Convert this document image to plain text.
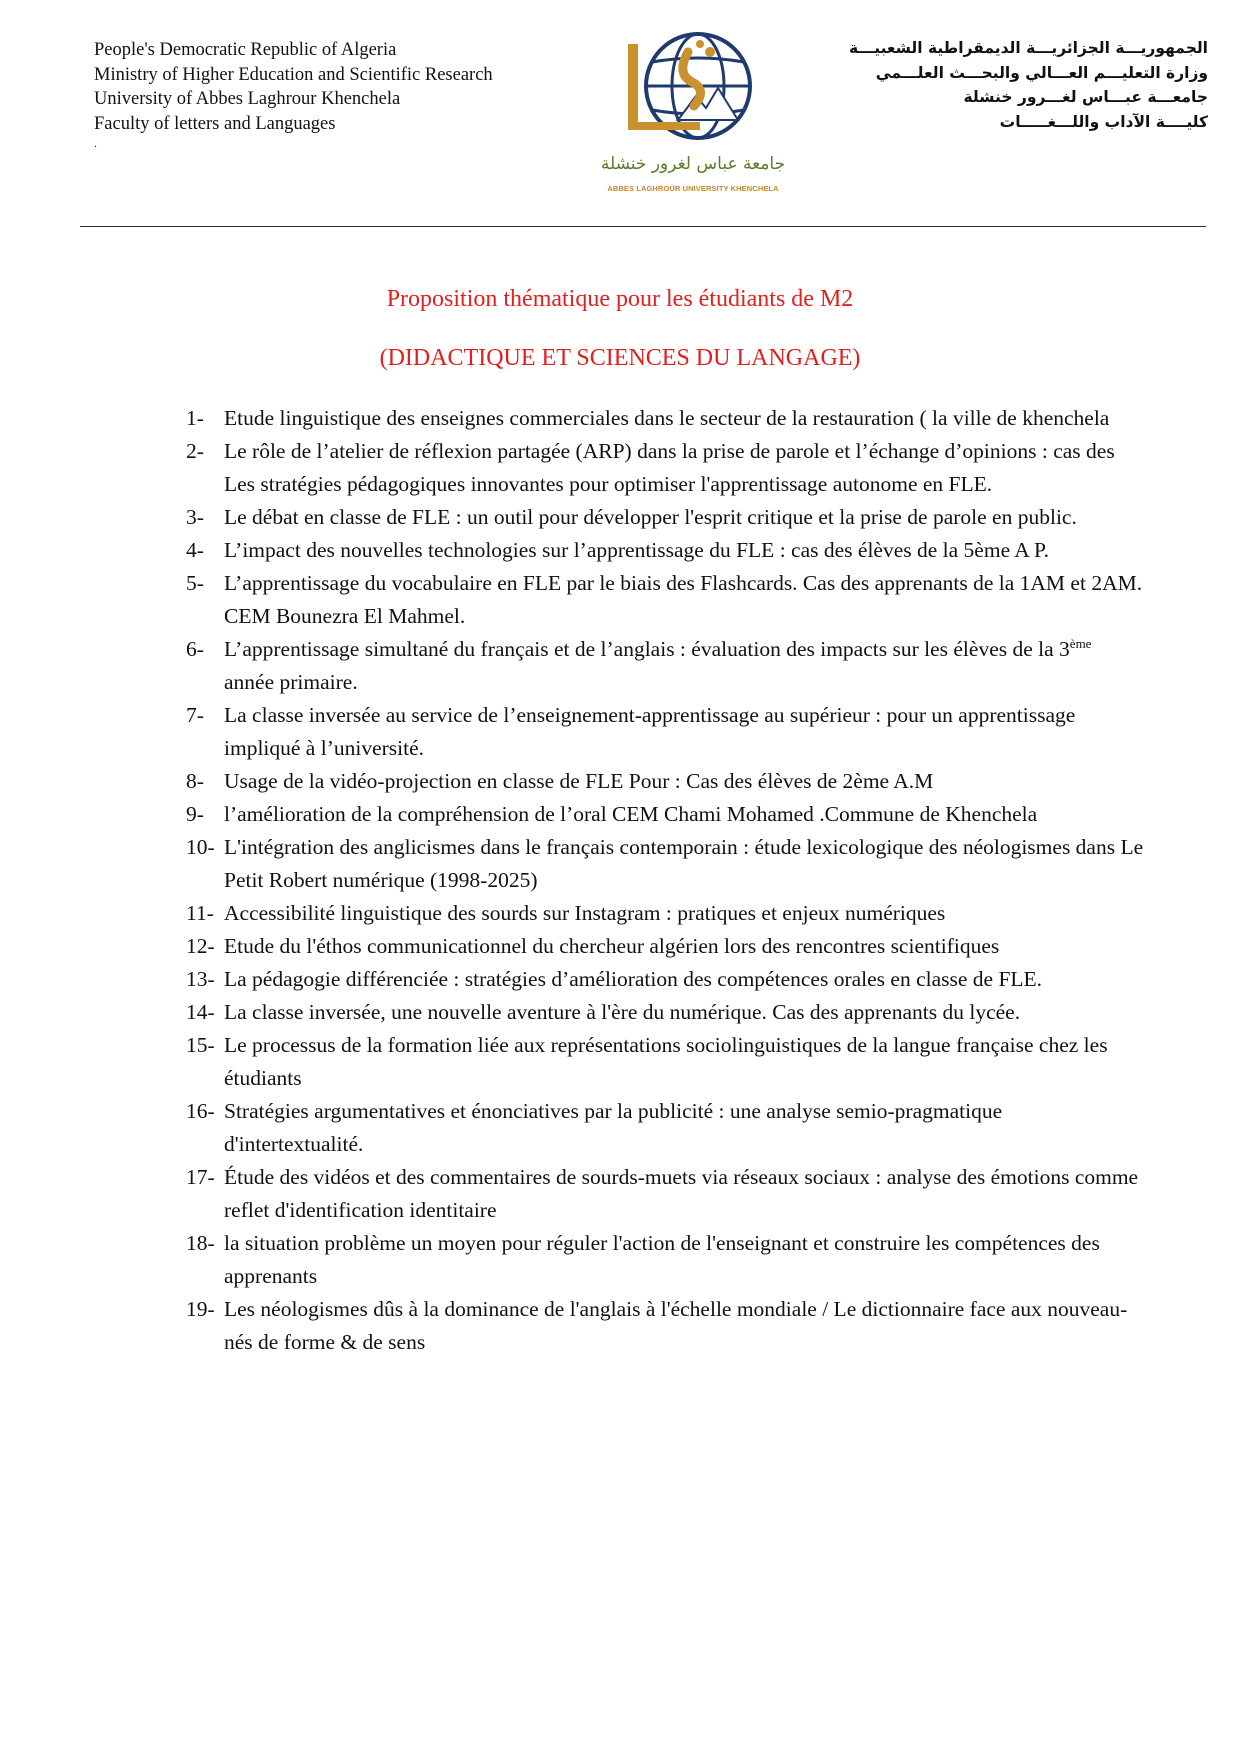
People's Democratic Republic of Algeria
Ministry of Higher Education and Scientific Research
University of Abbes Laghrour Khenchela
Faculty of letters and Languages
.
جامعة عباس لغرور خنشلة
ABBES LAGHROUR UNIVERSITY KHENCHELA
الجمهوريـــة الجزائريـــة الديمقراطية الشعبيـــة
وزارة التعليـــم العـــالي والبحـــث العلـــمي
جامعـــة عبـــاس لغـــرور خنشلة
كليــــة الآداب واللـــغـــــات
Proposition thématique pour les étudiants de M2
(DIDACTIQUE ET SCIENCES DU LANGAGE)
1- Etude linguistique des enseignes commerciales dans le secteur de la restauration ( la ville de khenchela
2- Le rôle de l’atelier de réflexion partagée (ARP) dans la prise de parole et l’échange d’opinions : cas des Les stratégies pédagogiques innovantes pour optimiser l'apprentissage autonome en FLE.
3- Le débat en classe de FLE : un outil pour développer l'esprit critique et la prise de parole en public.
4- L’impact des nouvelles technologies sur l’apprentissage du FLE : cas des élèves de la 5ème A P.
5- L’apprentissage du vocabulaire en FLE par le biais des Flashcards. Cas des apprenants de la 1AM et 2AM. CEM Bounezra El Mahmel.
6- L’apprentissage simultané du français et de l’anglais : évaluation des impacts sur les élèves de la 3ème année primaire.
7- La classe inversée au service de l’enseignement-apprentissage au supérieur : pour un apprentissage impliqué à l’université.
8- Usage de la vidéo-projection en classe de FLE Pour : Cas des élèves de 2ème A.M
9- l’amélioration de la compréhension de l’oral CEM Chami Mohamed .Commune de Khenchela
10- L'intégration des anglicismes dans le français contemporain : étude lexicologique des néologismes dans Le Petit Robert numérique (1998-2025)
11- Accessibilité linguistique des sourds sur Instagram : pratiques et enjeux numériques
12- Etude du l'éthos communicationnel du chercheur algérien lors des rencontres scientifiques
13- La pédagogie différenciée : stratégies d’amélioration des compétences orales en classe de FLE.
14- La classe inversée, une nouvelle aventure à l'ère du numérique. Cas des apprenants du lycée.
15- Le processus de la formation liée aux représentations sociolinguistiques de la langue française chez les étudiants
16- Stratégies argumentatives et énonciatives par la publicité : une analyse semio-pragmatique d'intertextualité.
17- Étude des vidéos et des commentaires de sourds-muets via réseaux sociaux : analyse des émotions comme reflet d'identification identitaire
18- la situation problème un moyen pour réguler l'action de l'enseignant et construire les compétences des apprenants
19- Les néologismes dûs à la dominance de l'anglais à l'échelle mondiale / Le dictionnaire face aux nouveau-nés de forme & de sens
